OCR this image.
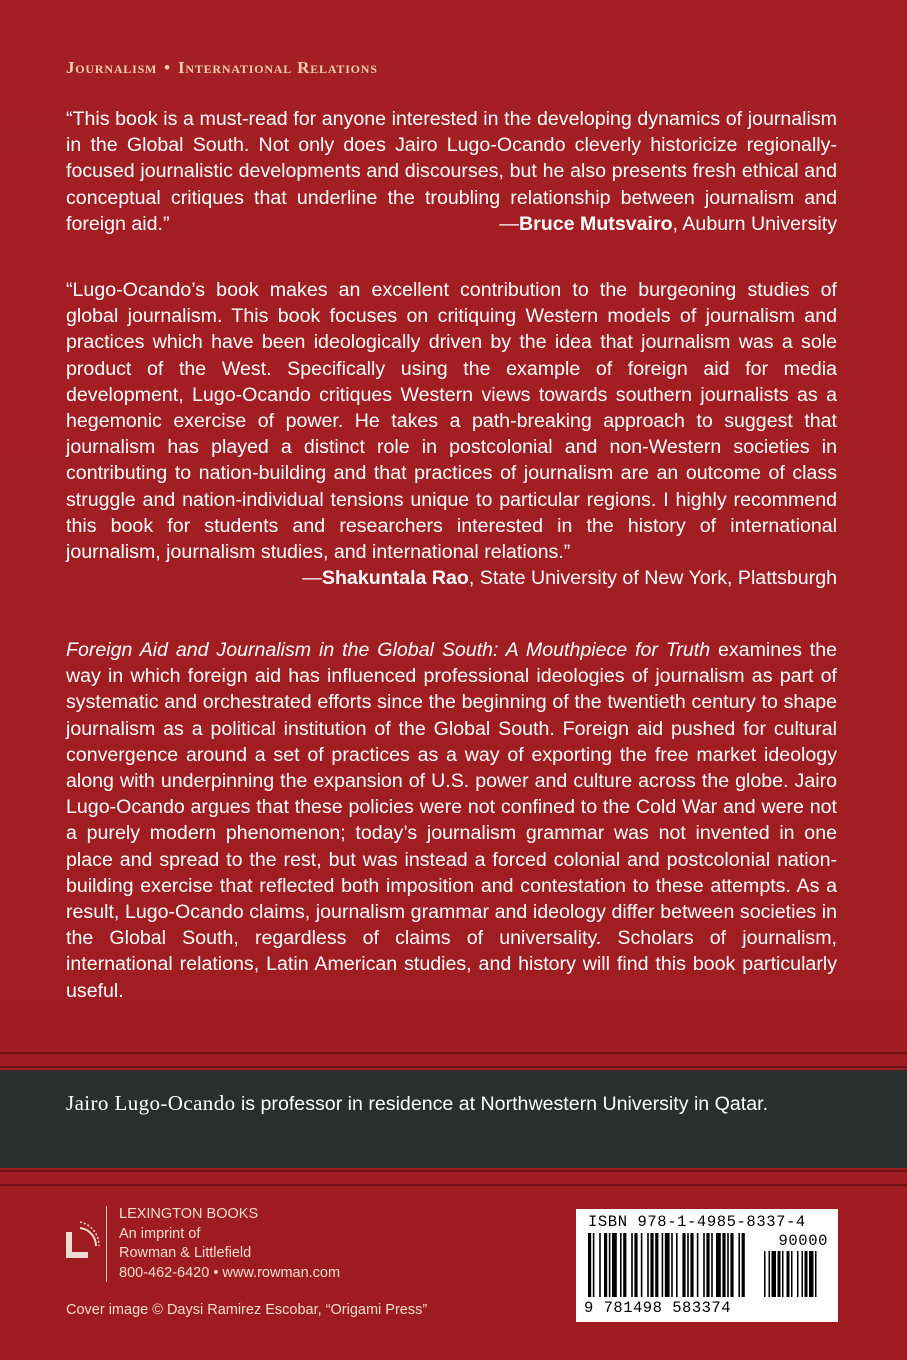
Journalism • International Relations
“This book is a must-read for anyone interested in the developing dynamics of journalism in the Global South. Not only does Jairo Lugo-Ocando cleverly historicize regionally-focused journalistic developments and discourses, but he also presents fresh ethical and conceptual critiques that underline the troubling relationship between journalism and foreign aid.”	—Bruce Mutsvairo, Auburn University
“Lugo-Ocando’s book makes an excellent contribution to the burgeoning studies of global journalism. This book focuses on critiquing Western models of journalism and practices which have been ideologically driven by the idea that journalism was a sole product of the West. Specifically using the example of foreign aid for media development, Lugo-Ocando critiques Western views towards southern journalists as a hegemonic exercise of power. He takes a path-breaking approach to suggest that journalism has played a distinct role in postcolonial and non-Western societies in contributing to nation-building and that practices of journalism are an outcome of class struggle and nation-individual tensions unique to particular regions. I highly recommend this book for students and researchers interested in the history of international journalism, journalism studies, and international relations.”
—Shakuntala Rao, State University of New York, Plattsburgh
Foreign Aid and Journalism in the Global South: A Mouthpiece for Truth examines the way in which foreign aid has influenced professional ideologies of journalism as part of systematic and orchestrated efforts since the beginning of the twentieth century to shape journalism as a political institution of the Global South. Foreign aid pushed for cultural convergence around a set of practices as a way of exporting the free market ideology along with underpinning the expansion of U.S. power and culture across the globe. Jairo Lugo-Ocando argues that these policies were not confined to the Cold War and were not a purely modern phenomenon; today’s journalism grammar was not invented in one place and spread to the rest, but was instead a forced colonial and postcolonial nation-building exercise that reflected both imposition and contestation to these attempts. As a result, Lugo-Ocando claims, journalism grammar and ideology differ between societies in the Global South, regardless of claims of universality. Scholars of journalism, international relations, Latin American studies, and history will find this book particularly useful.
Jairo Lugo-Ocando is professor in residence at Northwestern University in Qatar.
LEXINGTON BOOKS
An imprint of
Rowman & Littlefield
800-462-6420 • www.rowman.com
Cover image © Daysi Ramirez Escobar, “Origami Press”
ISBN 978-1-4985-8337-4
90000
9 781498 583374
